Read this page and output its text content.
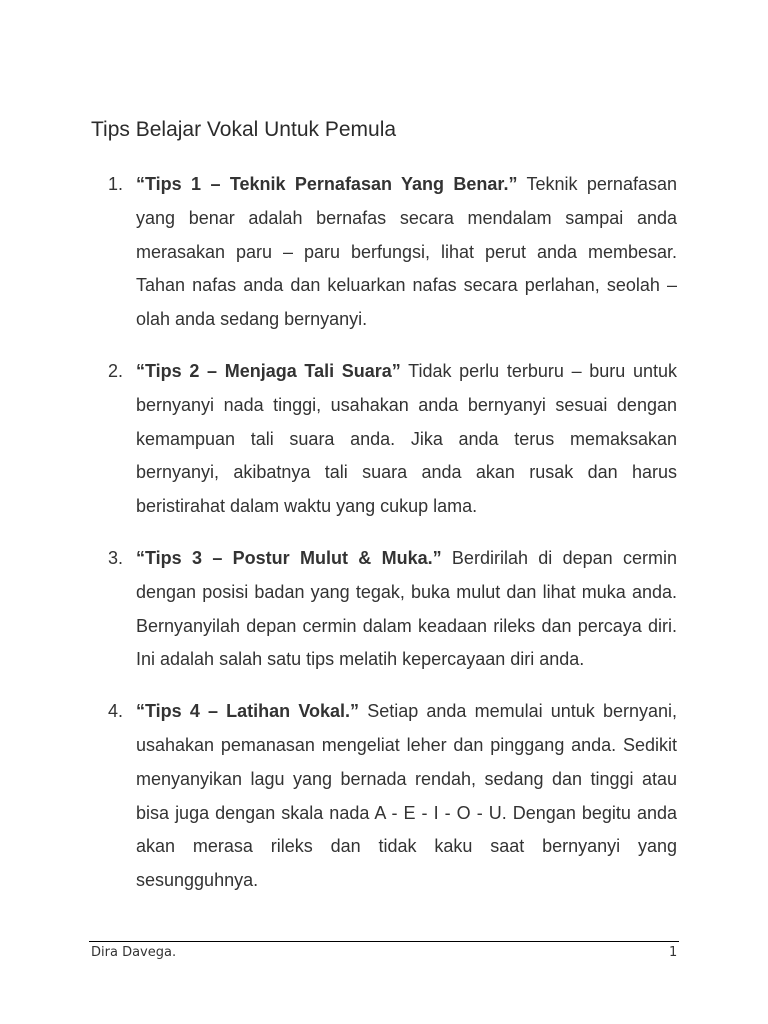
Tips Belajar Vokal Untuk Pemula
1. “Tips 1 – Teknik Pernafasan Yang Benar.” Teknik pernafasan yang benar adalah bernafas secara mendalam sampai anda merasakan paru – paru berfungsi, lihat perut anda membesar. Tahan nafas anda dan keluarkan nafas secara perlahan, seolah – olah anda sedang bernyanyi.
2. “Tips 2 – Menjaga Tali Suara” Tidak perlu terburu – buru untuk bernyanyi nada tinggi, usahakan anda bernyanyi sesuai dengan kemampuan tali suara anda. Jika anda terus memaksakan bernyanyi, akibatnya tali suara anda akan rusak dan harus beristirahat dalam waktu yang cukup lama.
3. “Tips 3 – Postur Mulut & Muka.” Berdirilah di depan cermin dengan posisi badan yang tegak, buka mulut dan lihat muka anda. Bernyanyilah depan cermin dalam keadaan rileks dan percaya diri. Ini adalah salah satu tips melatih kepercayaan diri anda.
4. “Tips 4 – Latihan Vokal.” Setiap anda memulai untuk bernyani, usahakan pemanasan mengeliat leher dan pinggang anda. Sedikit menyanyikan lagu yang bernada rendah, sedang dan tinggi atau bisa juga dengan skala nada A - E - I - O - U. Dengan begitu anda akan merasa rileks dan tidak kaku saat bernyanyi yang sesungguhnya.
Dira Davega.	1
